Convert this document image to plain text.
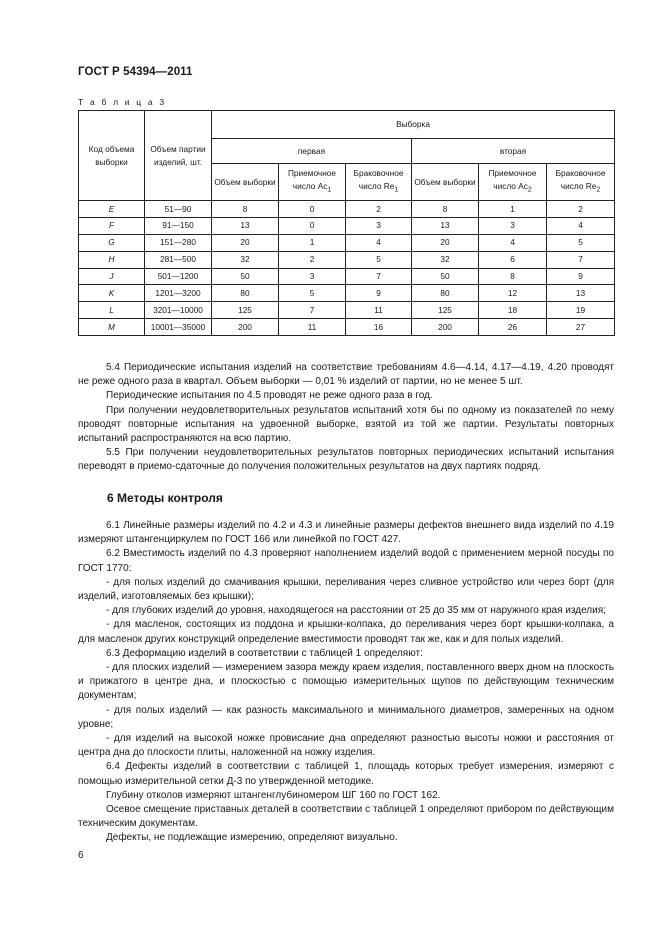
ГОСТ Р 54394—2011
Т а б л и ц а 3
Код объема выборки	Объем партии изделий, шт.	Выборка					
		первая			вторая		
		Объем выборки	Приемочное число $Ac_1$	Браковочное число $Re_1$	Объем выборки	Приемочное число $Ac_2$	Браковочное число $Re_2$
E	51—90	8	0	2	8	1	2
F	91—150	13	0	3	13	3	4
G	151—280	20	1	4	20	4	5
H	281—500	32	2	5	32	6	7
J	501—1200	50	3	7	50	8	9
K	1201—3200	80	5	9	80	12	13
L	3201—10000	125	7	11	125	18	19
M	10001—35000	200	11	16	200	26	27

5.4 Периодические испытания изделий на соответствие требованиям 4.6—4.14, 4.17—4.19, 4.20 проводят не реже одного раза в квартал. Объем выборки — 0,01 % изделий от партии, но не менее 5 шт.

Периодические испытания по 4.5 проводят не реже одного раза в год.

При получении неудовлетворительных результатов испытаний хотя бы по одному из показателей по нему проводят повторные испытания на удвоенной выборке, взятой из той же партии. Результаты повторных испытаний распространяются на всю партию.

5.5 При получении неудовлетворительных результатов повторных периодических испытаний испытания переводят в приемо-сдаточные до получения положительных результатов на двух партиях подряд.

6 Методы контроля

6.1 Линейные размеры изделий по 4.2 и 4.3 и линейные размеры дефектов внешнего вида изделий по 4.19 измеряют штангенциркулем по ГОСТ 166 или линейкой по ГОСТ 427.

6.2 Вместимость изделий по 4.3 проверяют наполнением изделий водой с применением мерной посуды по ГОСТ 1770:

- для полых изделий до смачивания крышки, переливания через сливное устройство или через борт (для изделий, изготовляемых без крышки);

- для глубоких изделий до уровня, находящегося на расстоянии от 25 до 35 мм от наружного края изделия;

- для масленок, состоящих из поддона и крышки-колпака, до переливания через борт крышки-колпака, а для масленок других конструкций определение вместимости проводят так же, как и для полых изделий.

6.3 Деформацию изделий в соответствии с таблицей 1 определяют:

- для плоских изделий — измерением зазора между краем изделия, поставленного вверх дном на плоскость и прижатого в центре дна, и плоскостью с помощью измерительных щупов по действующим техническим документам;

- для полых изделий — как разность максимального и минимального диаметров, замеренных на одном уровне;

- для изделий на высокой ножке провисание дна определяют разностью высоты ножки и расстояния от центра дна до плоскости плиты, наложенной на ножку изделия.

6.4 Дефекты изделий в соответствии с таблицей 1, площадь которых требует измерения, измеряют с помощью измерительной сетки Д-3 по утвержденной методике.

Глубину отколов измеряют штангенглубиномером ШГ 160 по ГОСТ 162.

Осевое смещение приставных деталей в соответствии с таблицей 1 определяют прибором по действующим техническим документам.

Дефекты, не подлежащие измерению, определяют визуально.

6
